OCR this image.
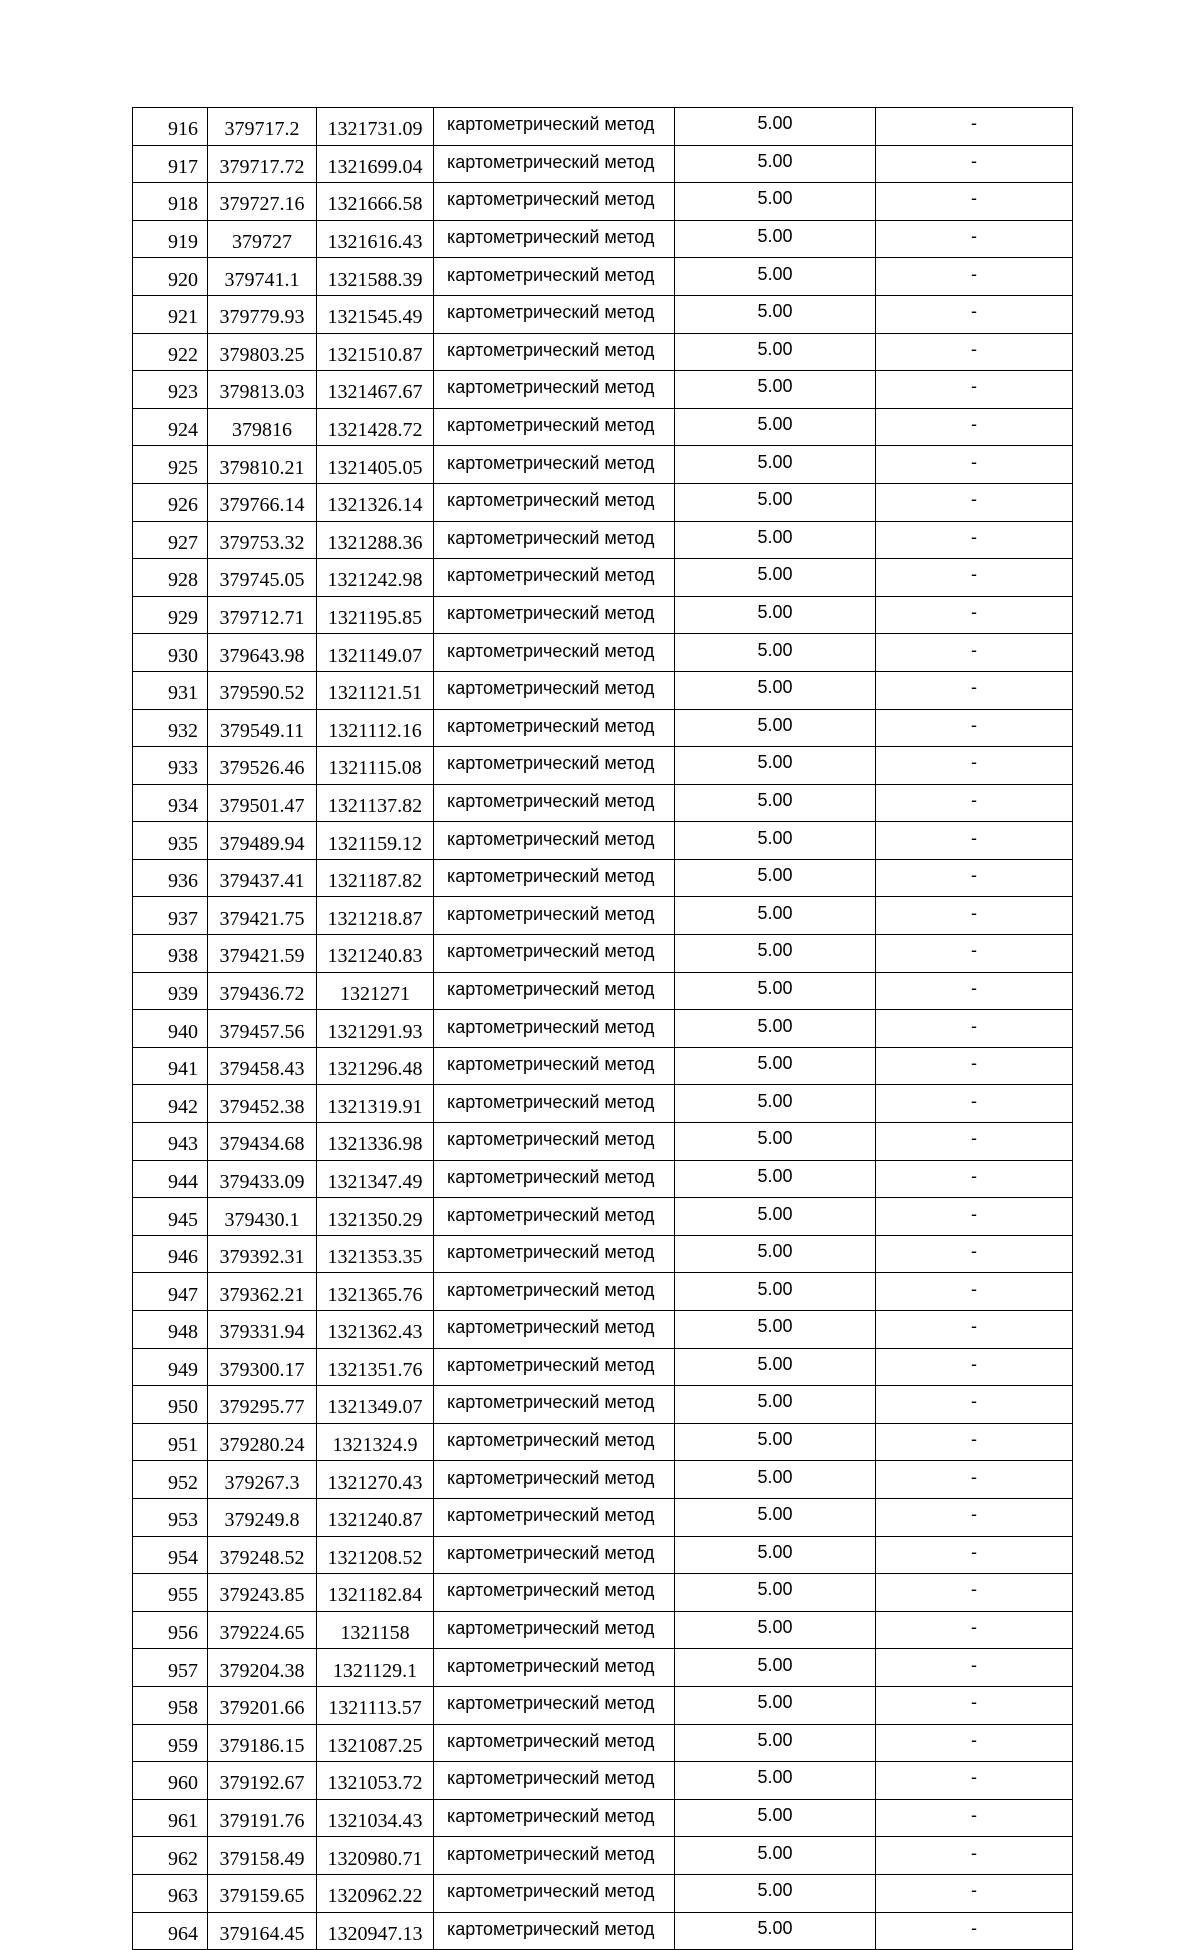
916	379717.2	1321731.09	картометрический метод	5.00	-
917	379717.72	1321699.04	картометрический метод	5.00	-
918	379727.16	1321666.58	картометрический метод	5.00	-
919	379727	1321616.43	картометрический метод	5.00	-
920	379741.1	1321588.39	картометрический метод	5.00	-
921	379779.93	1321545.49	картометрический метод	5.00	-
922	379803.25	1321510.87	картометрический метод	5.00	-
923	379813.03	1321467.67	картометрический метод	5.00	-
924	379816	1321428.72	картометрический метод	5.00	-
925	379810.21	1321405.05	картометрический метод	5.00	-
926	379766.14	1321326.14	картометрический метод	5.00	-
927	379753.32	1321288.36	картометрический метод	5.00	-
928	379745.05	1321242.98	картометрический метод	5.00	-
929	379712.71	1321195.85	картометрический метод	5.00	-
930	379643.98	1321149.07	картометрический метод	5.00	-
931	379590.52	1321121.51	картометрический метод	5.00	-
932	379549.11	1321112.16	картометрический метод	5.00	-
933	379526.46	1321115.08	картометрический метод	5.00	-
934	379501.47	1321137.82	картометрический метод	5.00	-
935	379489.94	1321159.12	картометрический метод	5.00	-
936	379437.41	1321187.82	картометрический метод	5.00	-
937	379421.75	1321218.87	картометрический метод	5.00	-
938	379421.59	1321240.83	картометрический метод	5.00	-
939	379436.72	1321271	картометрический метод	5.00	-
940	379457.56	1321291.93	картометрический метод	5.00	-
941	379458.43	1321296.48	картометрический метод	5.00	-
942	379452.38	1321319.91	картометрический метод	5.00	-
943	379434.68	1321336.98	картометрический метод	5.00	-
944	379433.09	1321347.49	картометрический метод	5.00	-
945	379430.1	1321350.29	картометрический метод	5.00	-
946	379392.31	1321353.35	картометрический метод	5.00	-
947	379362.21	1321365.76	картометрический метод	5.00	-
948	379331.94	1321362.43	картометрический метод	5.00	-
949	379300.17	1321351.76	картометрический метод	5.00	-
950	379295.77	1321349.07	картометрический метод	5.00	-
951	379280.24	1321324.9	картометрический метод	5.00	-
952	379267.3	1321270.43	картометрический метод	5.00	-
953	379249.8	1321240.87	картометрический метод	5.00	-
954	379248.52	1321208.52	картометрический метод	5.00	-
955	379243.85	1321182.84	картометрический метод	5.00	-
956	379224.65	1321158	картометрический метод	5.00	-
957	379204.38	1321129.1	картометрический метод	5.00	-
958	379201.66	1321113.57	картометрический метод	5.00	-
959	379186.15	1321087.25	картометрический метод	5.00	-
960	379192.67	1321053.72	картометрический метод	5.00	-
961	379191.76	1321034.43	картометрический метод	5.00	-
962	379158.49	1320980.71	картометрический метод	5.00	-
963	379159.65	1320962.22	картометрический метод	5.00	-
964	379164.45	1320947.13	картометрический метод	5.00	-
